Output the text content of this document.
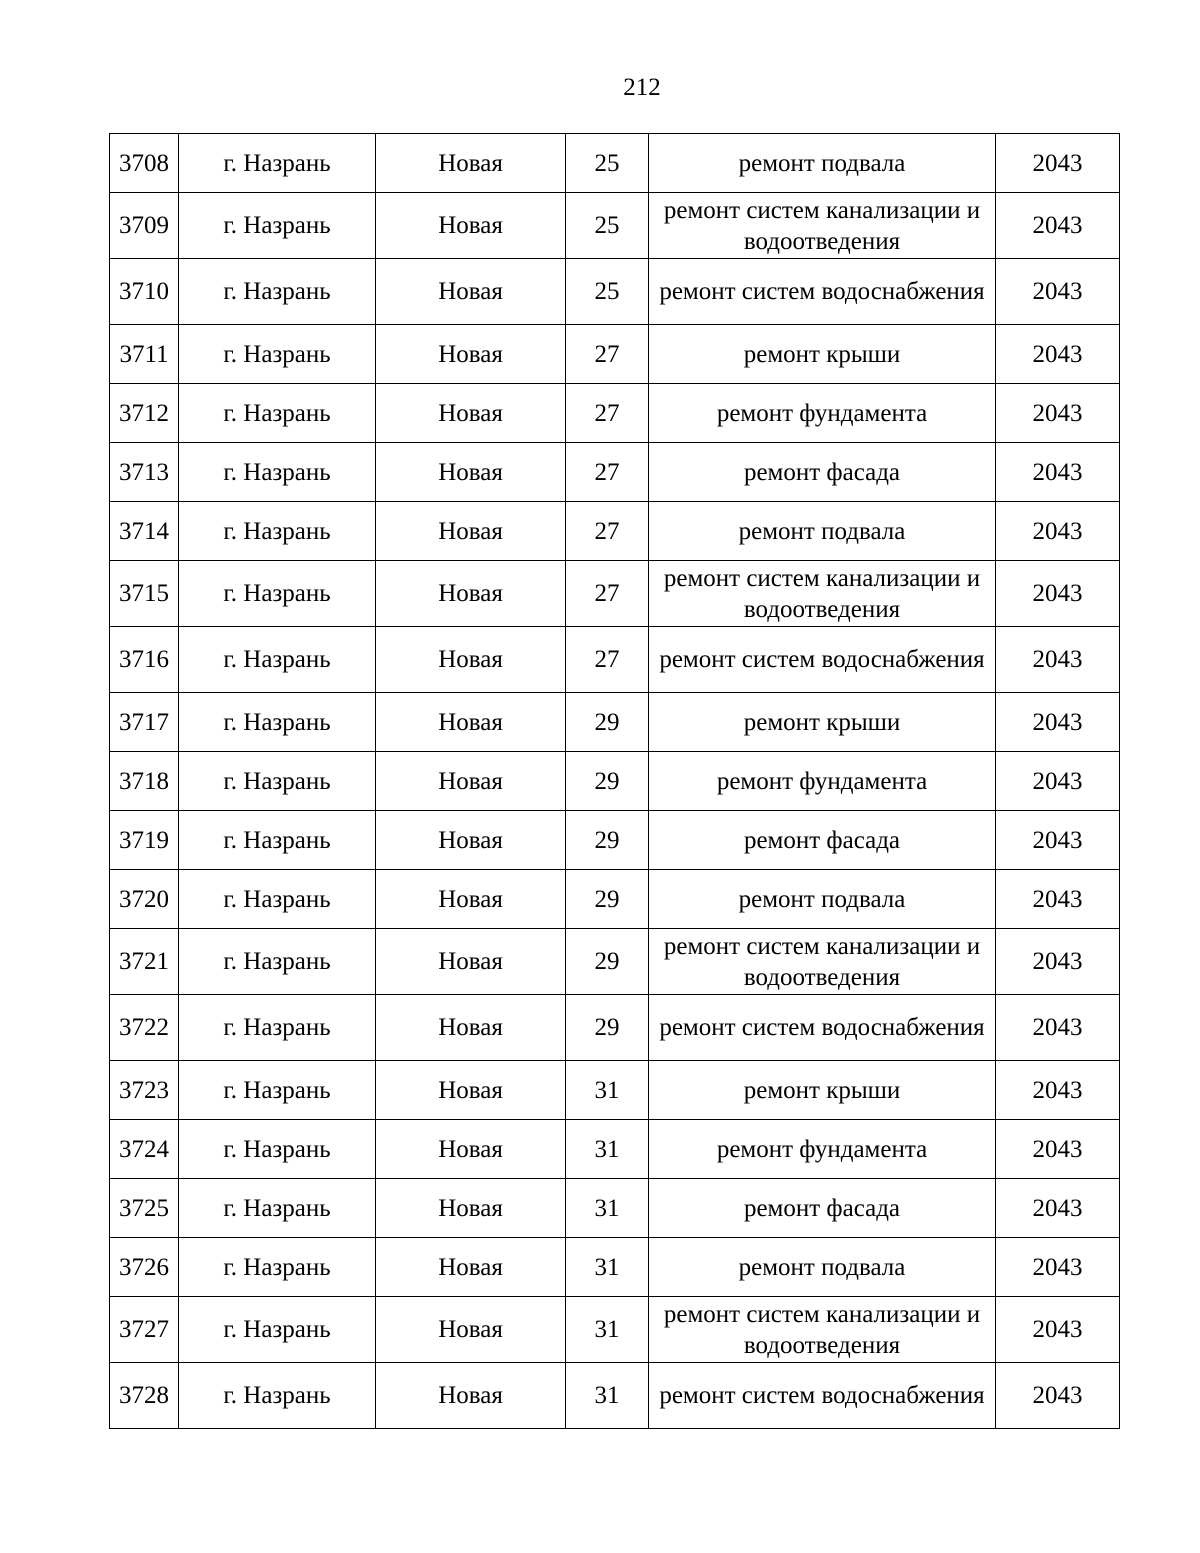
212
3708	г. Назрань	Новая	25	ремонт подвала	2043
3709	г. Назрань	Новая	25	ремонт систем канализации и водоотведения	2043
3710	г. Назрань	Новая	25	ремонт систем водоснабжения	2043
3711	г. Назрань	Новая	27	ремонт крыши	2043
3712	г. Назрань	Новая	27	ремонт фундамента	2043
3713	г. Назрань	Новая	27	ремонт фасада	2043
3714	г. Назрань	Новая	27	ремонт подвала	2043
3715	г. Назрань	Новая	27	ремонт систем канализации и водоотведения	2043
3716	г. Назрань	Новая	27	ремонт систем водоснабжения	2043
3717	г. Назрань	Новая	29	ремонт крыши	2043
3718	г. Назрань	Новая	29	ремонт фундамента	2043
3719	г. Назрань	Новая	29	ремонт фасада	2043
3720	г. Назрань	Новая	29	ремонт подвала	2043
3721	г. Назрань	Новая	29	ремонт систем канализации и водоотведения	2043
3722	г. Назрань	Новая	29	ремонт систем водоснабжения	2043
3723	г. Назрань	Новая	31	ремонт крыши	2043
3724	г. Назрань	Новая	31	ремонт фундамента	2043
3725	г. Назрань	Новая	31	ремонт фасада	2043
3726	г. Назрань	Новая	31	ремонт подвала	2043
3727	г. Назрань	Новая	31	ремонт систем канализации и водоотведения	2043
3728	г. Назрань	Новая	31	ремонт систем водоснабжения	2043
